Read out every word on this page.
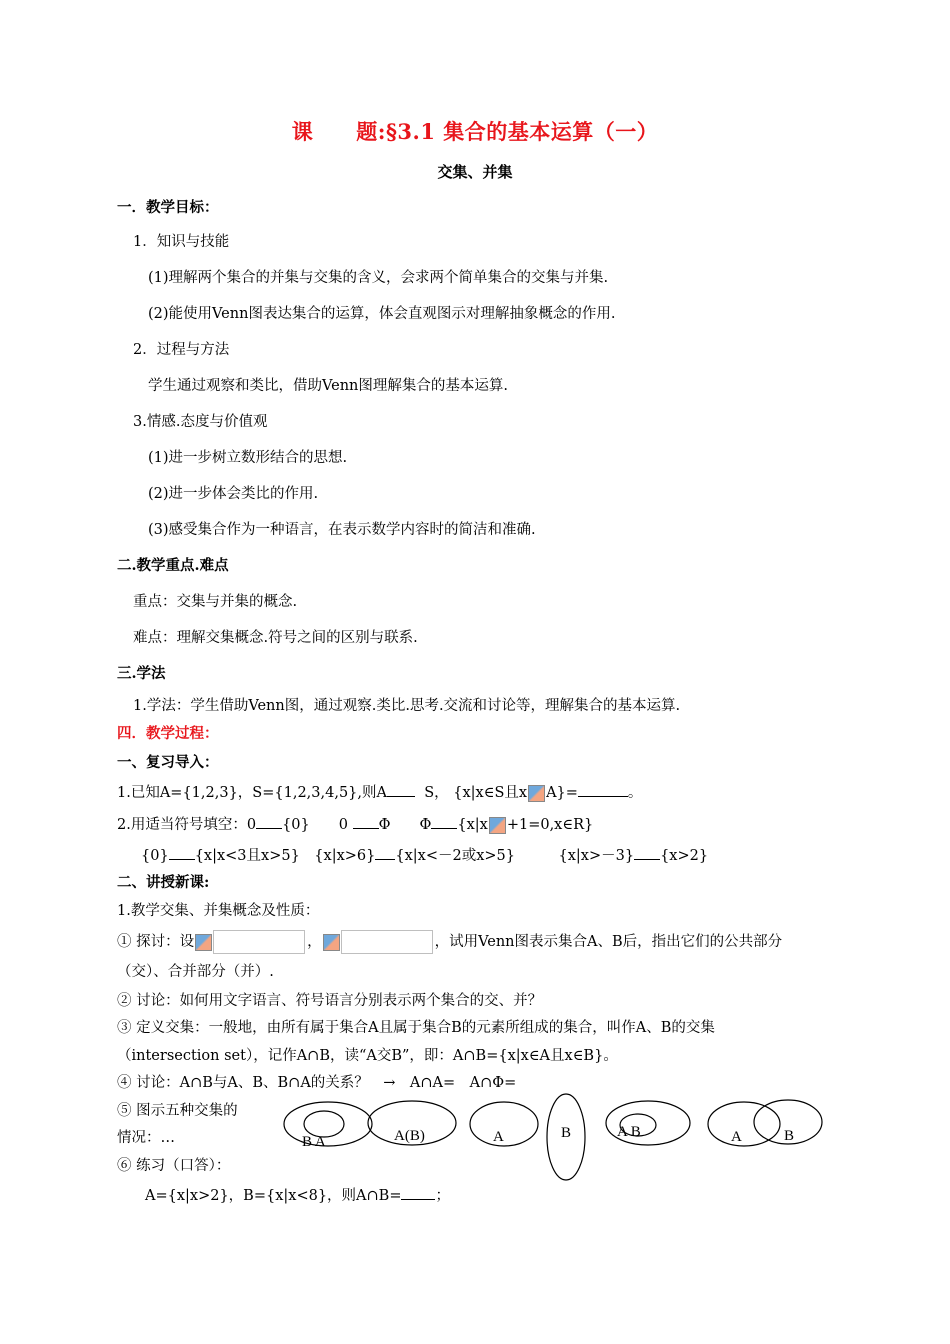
课　　题:§3.1 集合的基本运算（一）
交集、并集
一．教学目标：
1．知识与技能
(1)理解两个集合的并集与交集的含义，会求两个简单集合的交集与并集.
(2)能使用Venn图表达集合的运算，体会直观图示对理解抽象概念的作用.
2．过程与方法
学生通过观察和类比，借助Venn图理解集合的基本运算.
3.情感.态度与价值观
(1)进一步树立数形结合的思想.
(2)进一步体会类比的作用.
(3)感受集合作为一种语言，在表示数学内容时的简洁和准确.
二.教学重点.难点
重点：交集与并集的概念.
难点：理解交集概念.符号之间的区别与联系.
三.学法
1.学法：学生借助Venn图，通过观察.类比.思考.交流和讨论等，理解集合的基本运算.
四．教学过程：
一、复习导入：
1.已知A={1,2,3}，S={1,2,3,4,5},则A	S， {x|x∈S且x A}=	。
2.用适当符号填空：0 {0}　　0 Φ　　Φ {x|x +1=0,x∈R}
{0} {x|x<3且x>5}　{x|x>6} {x|x<－2或x>5}　　　{x|x>－3} {x>2}
二、讲授新课:
1.教学交集、并集概念及性质：
① 探讨：设	，	，试用Venn图表示集合A、B后，指出它们的公共部分
（交）、合并部分（并）.
② 讨论：如何用文字语言、符号语言分别表示两个集合的交、并？
③ 定义交集：一般地，由所有属于集合A且属于集合B的元素所组成的集合，叫作A、B的交集
（intersection set），记作A∩B，读“A交B”，即：A∩B={x|x∈A且x∈B}。
④ 讨论：A∩B与A、B、B∩A的关系？　→　A∩A=　A∩Φ=
⑤ 图示五种交集的
情况：…	B A	A(B)	A	B	A B	A	B
⑥ 练习（口答）：
A={x|x>2}，B={x|x<8}，则A∩B= ；
